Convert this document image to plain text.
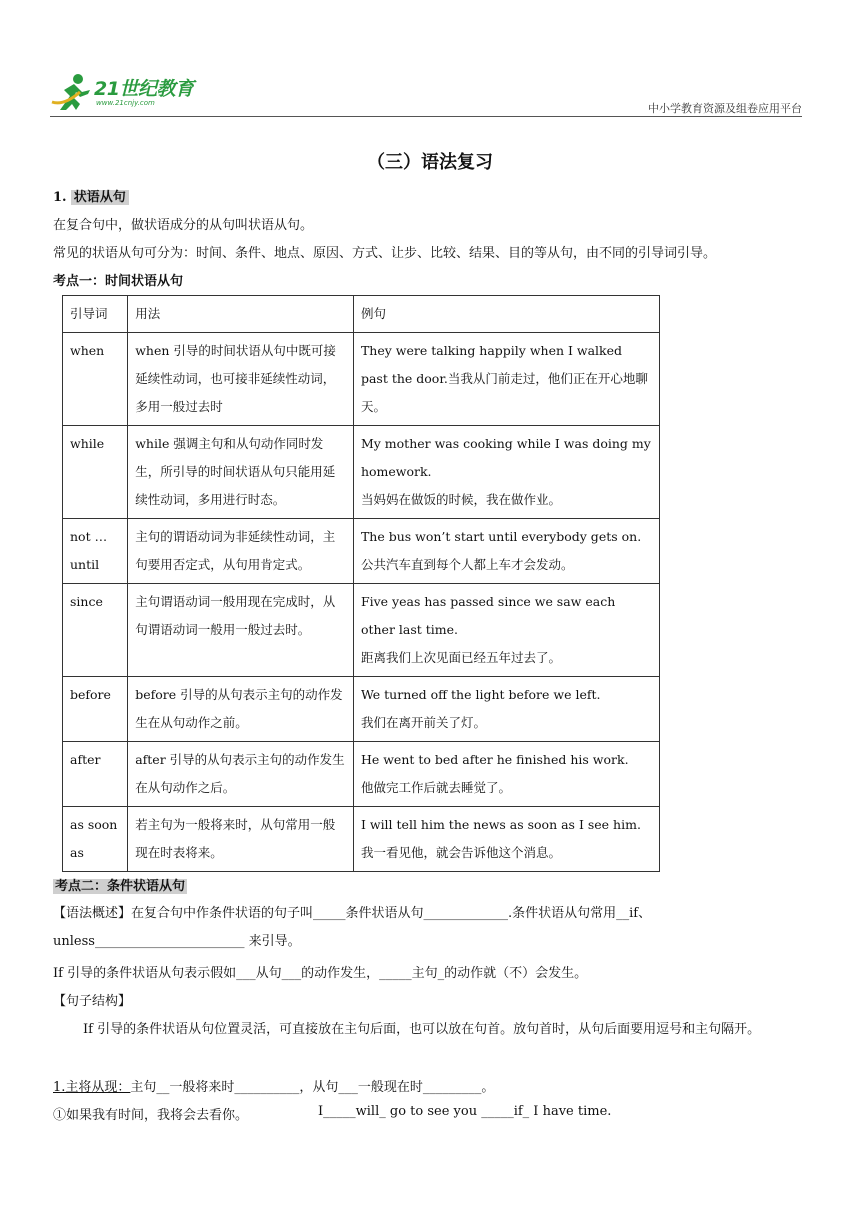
21世纪教育
www.21cnjy.com	中小学教育资源及组卷应用平台
（三）语法复习
1. 状语从句
在复合句中，做状语成分的从句叫状语从句。
常见的状语从句可分为：时间、条件、地点、原因、方式、让步、比较、结果、目的等从句，由不同的引导词引导。
考点一：时间状语从句
引导词	用法	例句
when	when 引导的时间状语从句中既可接延续性动词，也可接非延续性动词，多用一般过去时	They were talking happily when I walked past the door.当我从门前走过，他们正在开心地聊天。
while	while 强调主句和从句动作同时发生，所引导的时间状语从句只能用延续性动词，多用进行时态。	My mother was cooking while I was doing my homework.
当妈妈在做饭的时候，我在做作业。

not … until	主句的谓语动词为非延续性动词，主句要用否定式，从句用肯定式。	The bus won’t start until everybody gets on.
公共汽车直到每个人都上车才会发动。

since	主句谓语动词一般用现在完成时，从句谓语动词一般用一般过去时。	Five yeas has passed since we saw each other last time.
距离我们上次见面已经五年过去了。

before	before 引导的从句表示主句的动作发生在从句动作之前。	We turned off the light before we left.
我们在离开前关了灯。

after	after 引导的从句表示主句的动作发生在从句动作之后。	He went to bed after he finished his work.
他做完工作后就去睡觉了。

as soon as	若主句为一般将来时，从句常用一般现在时表将来。	I will tell him the news as soon as I see him.
我一看见他，就会告诉他这个消息。
考点二：条件状语从句
【语法概述】在复合句中作条件状语的句子叫_____条件状语从句_____________.条件状语从句常用__if、unless_______________________ 来引导。
If 引导的条件状语从句表示假如___从句___的动作发生，_____主句_的动作就（不）会发生。
【句子结构】
If 引导的条件状语从句位置灵活，可直接放在主句后面，也可以放在句首。放句首时，从句后面要用逗号和主句隔开。
1.主将从现：主句__一般将来时__________，从句___一般现在时_________。
①如果我有时间，我将会去看你。	I_____will_ go to see you _____if_ I have time.
